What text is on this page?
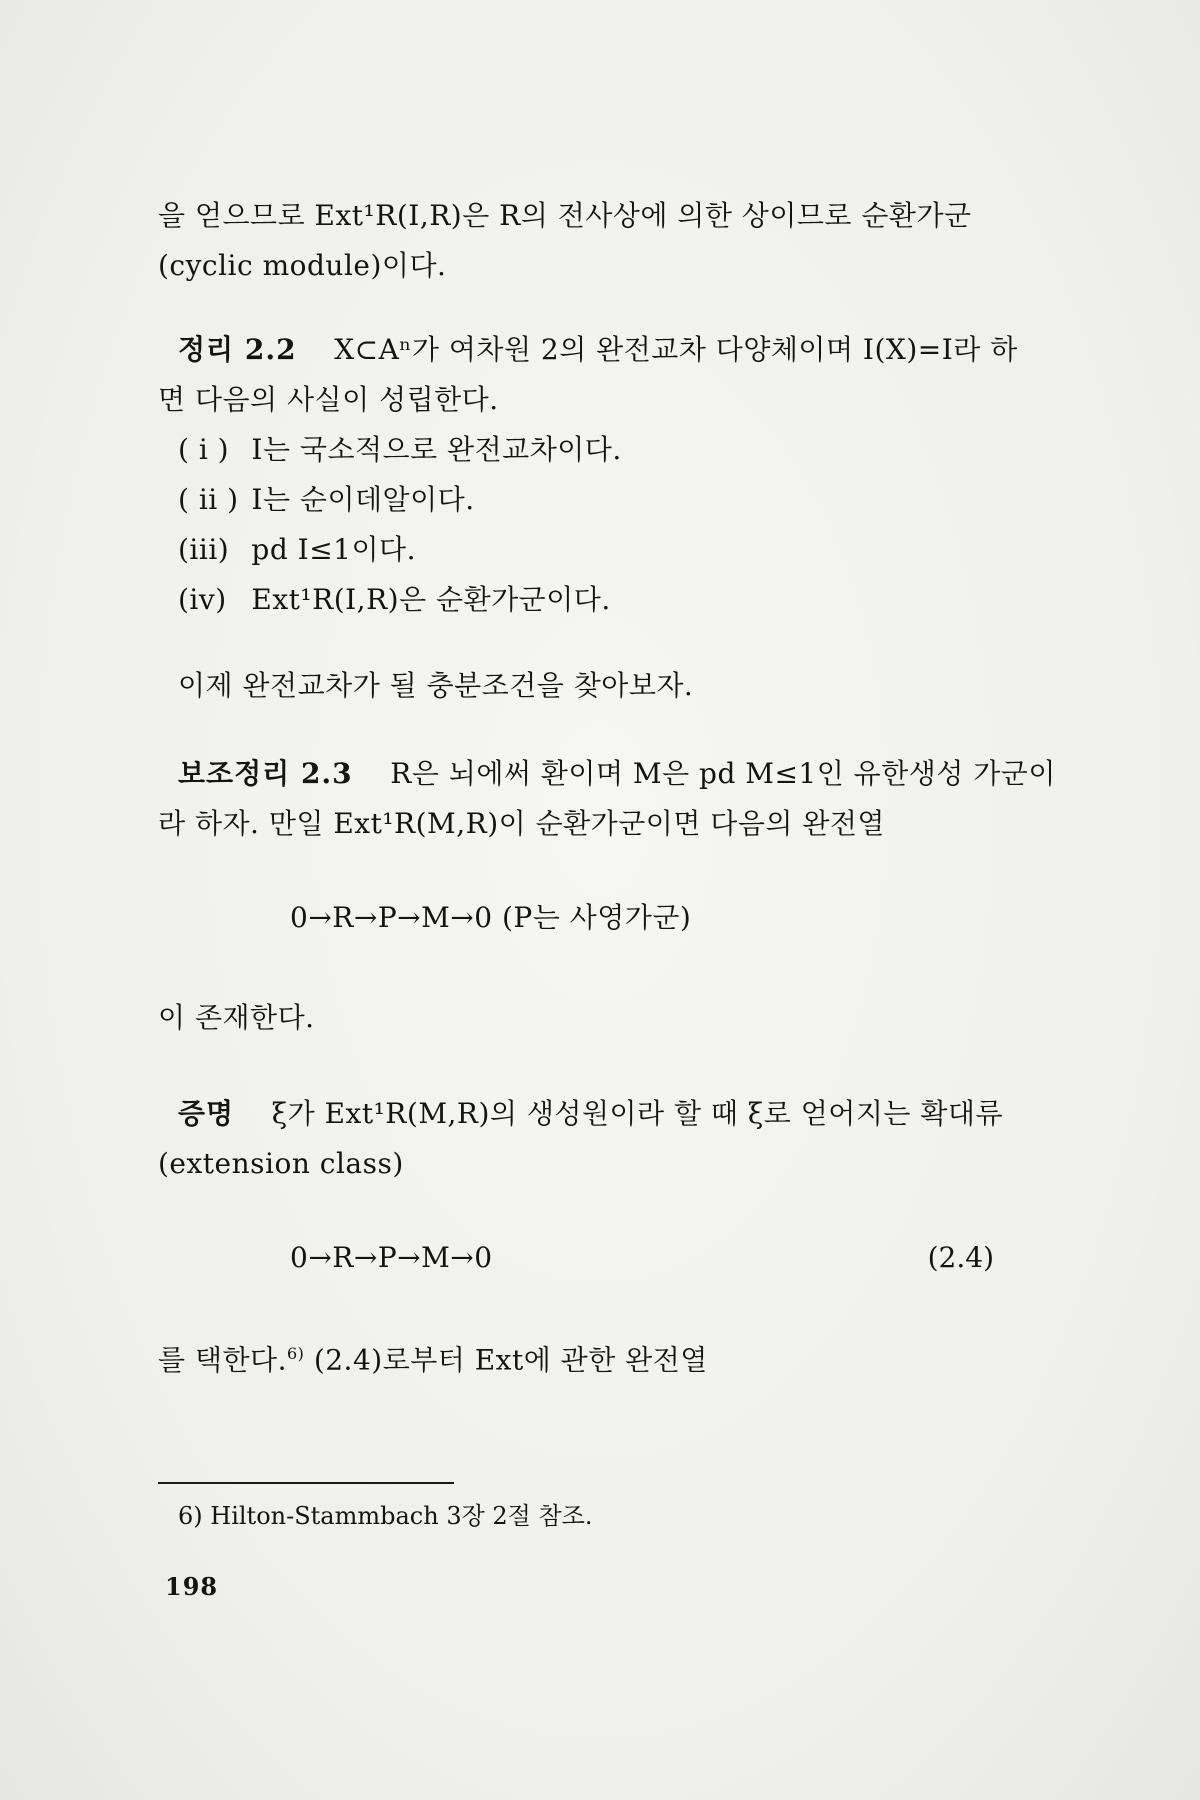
을 얻으므로 Ext¹R(I,R)은 R의 전사상에 의한 상이므로 순환가군
(cyclic module)이다.
정리 2.2 X⊂Aⁿ가 여차원 2의 완전교차 다양체이며 I(X)=I라 하
면 다음의 사실이 성립한다.
( i ) I는 국소적으로 완전교차이다.
( ii ) I는 순이데알이다.
(iii) pd I≤1이다.
(iv) Ext¹R(I,R)은 순환가군이다.
이제 완전교차가 될 충분조건을 찾아보자.
보조정리 2.3 R은 뇌에써 환이며 M은 pd M≤1인 유한생성 가군이
라 하자. 만일 Ext¹R(M,R)이 순환가군이면 다음의 완전열
0→R→P→M→0 (P는 사영가군)
이 존재한다.
증명 ξ가 Ext¹R(M,R)의 생성원이라 할 때 ξ로 얻어지는 확대류
(extension class)
0→R→P→M→0	(2.4)
를 택한다.$^{6)}$ (2.4)로부터 Ext에 관한 완전열
6) Hilton-Stammbach 3장 2절 참조.
198
